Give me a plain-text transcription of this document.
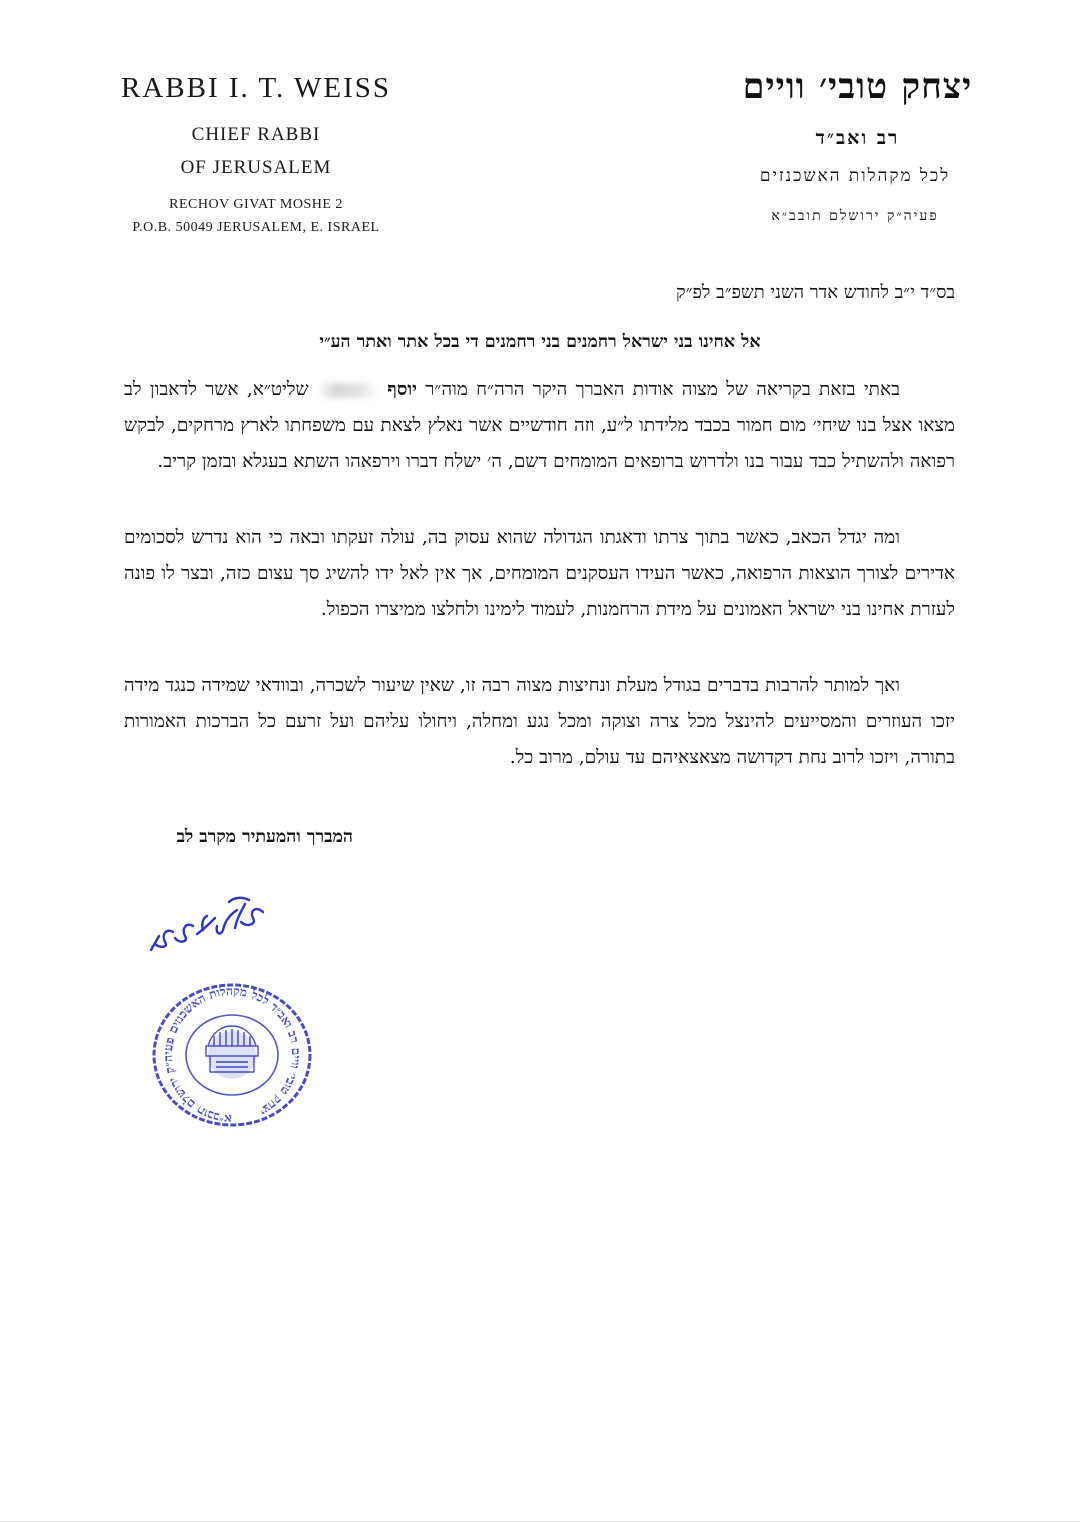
RABBI I. T. WEISS
CHIEF RABBI
OF JERUSALEM
RECHOV GIVAT MOSHE 2
P.O.B. 50049 JERUSALEM, E. ISRAEL
יצחק טובי׳ וויים
רב ואב״ד
לכל מקהלות האשכנזים
פעיה״ק ירושלם תובב״א
בס״ד י״ב לחודש אדר השני תשפ״ב לפ״ק
אל אחינו בני ישראל רחמנים בני רחמנים די בכל אתר ואתר הע״י

באתי בזאת בקריאה של מצוה אודות האברך היקר הרה״ח מוה״ר יוסף  שליט״א, אשר לדאבון לב מצאו אצל בנו שיחי׳ מום חמור בכבד מלידתו ל״ע, וזה חודשיים אשר נאלץ לצאת עם משפחתו לארץ מרחקים, לבקש רפואה ולהשתיל כבד עבור בנו ולדרוש ברופאים המומחים דשם, ה׳ ישלח דברו וירפאהו השתא בעגלא ובזמן קריב.

ומה יגדל הכאב, כאשר בתוך צרתו ודאגתו הגדולה שהוא עסוק בה, עולה זעקתו ובאה כי הוא נדרש לסכומים אדירים לצורך הוצאות הרפואה, כאשר העידו העסקנים המומחים, אך אין לאל ידו להשיג סך עצום כזה, ובצר לו פונה לעזרת אחינו בני ישראל האמונים על מידת הרחמנות, לעמוד לימינו ולחלצו ממיצרו הכפול.

ואך למותר להרבות בדברים בגודל מעלת ונחיצות מצוה רבה זו, שאין שיעור לשכרה, ובוודאי שמידה כנגד מידה יזכו העוזרים והמסייעים להינצל מכל צרה וצוקה ומכל נגע ומחלה, ויחולו עליהם ועל זרעם כל הברכות האמורות בתורה, ויזכו לרוב נחת דקדושה מצאצאיהם עד עולם, מרוב כל.

המברך והמעתיר מקרב לב
יצחק טובי׳ וויים רב ואב״ד לכל מקהלות האשכנזים פעיה״ק ירושלם תובב״א
